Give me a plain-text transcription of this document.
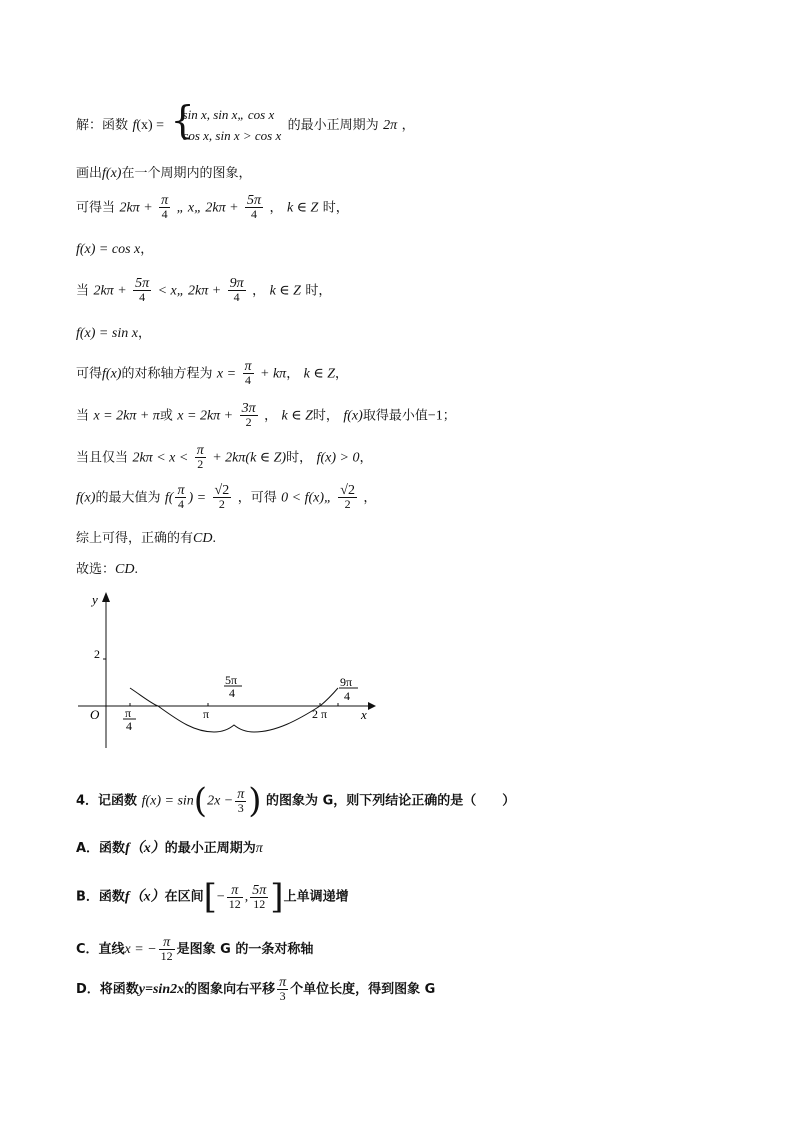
解：函数 f(x) = {
sin x, sin x„ cos x
cos x, sin x > cos x
的最小正周期为 2π ，
画出f(x)在一个周期内的图象，
可得当 $2k\pi + \frac{\pi}{4}$ „ x„ $2k\pi + \frac{5\pi}{4}$ ， k ∈ Z 时，
f(x) = cos x，
当 $2k\pi + \frac{5\pi}{4}$ < x„ $2k\pi + \frac{9\pi}{4}$ ， k ∈ Z 时，
f(x) = sin x，
可得f(x)的对称轴方程为 $x = \frac{\pi}{4} + k\pi$， k ∈ Z，
当 x = 2kπ + π或 $x = 2k\pi + \frac{3\pi}{2}$ ， k ∈ Z时， f(x)取得最小值−1；
当且仅当 $2k\pi < x < \frac{\pi}{2} + 2k\pi(k$ ∈ Z)时， f(x) > 0，
f(x)的最大值为 $f( \frac{\pi}{4}$ ) = $\frac{√2}{2}$ ，可得 0 < f(x)„ $\frac{√2}{2}$ ，
综上可得，正确的有CD.
故选：CD.
y
x
O
2
π
4
π
5π
4
2 π
9π
4
4．记函数 $f(x) = \sin(2x - \frac{\pi}{3}$ ) 的图象为 G，则下列结论正确的是（　　）
A．函数f（x）的最小正周期为π
B．函数f（x）在区间[− $\frac{\pi}{12}$ , $\frac{5\pi}{12}$ ]上单调递增
C．直线x = − $\frac{\pi}{12}$ 是图象 G 的一条对称轴
D．将函数y=sin2x的图象向右平移 $\frac{\pi}{3}$ 个单位长度，得到图象 G
